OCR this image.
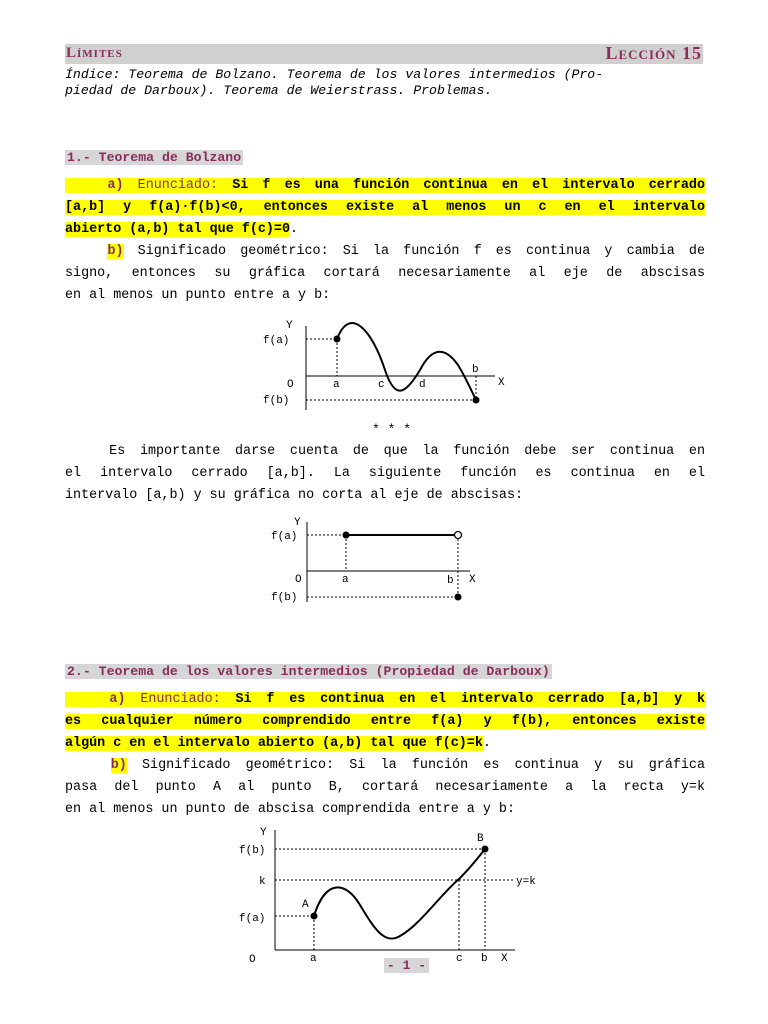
Límites	Lección 15
Índice: Teorema de Bolzano. Teorema de los valores intermedios (Pro-
piedad de Darboux). Teorema de Weierstrass. Problemas.
1.- Teorema de Bolzano
a) Enunciado: Si f es una función continua en el intervalo cerrado
[a,b] y f(a)·f(b)<0, entonces existe al menos un c en el intervalo
abierto (a,b) tal que f(c)=0.
b) Significado geométrico: Si la función f es continua y cambia de
signo, entonces su gráfica cortará necesariamente al eje de abscisas
en al menos un punto entre a y b:
Y
X
O
f(a)
f(b)
a	c	d
b
* * *
Es importante darse cuenta de que la función debe ser continua en
el intervalo cerrado [a,b]. La siguiente función es continua en el
intervalo [a,b) y su gráfica no corta al eje de abscisas:
Y
X
O
f(a)
f(b)
a	b
2.- Teorema de los valores intermedios (Propiedad de Darboux)
a) Enunciado: Si f es continua en el intervalo cerrado [a,b] y k
es cualquier número comprendido entre f(a) y f(b), entonces existe
algún c en el intervalo abierto (a,b) tal que f(c)=k.
b) Significado geométrico: Si la función es continua y su gráfica
pasa del punto A al punto B, cortará necesariamente a la recta y=k
en al menos un punto de abscisa comprendida entre a y b:
Y
X
O
f(b)
k
f(a)
A
B
y=k
a	c b
- 1 -
